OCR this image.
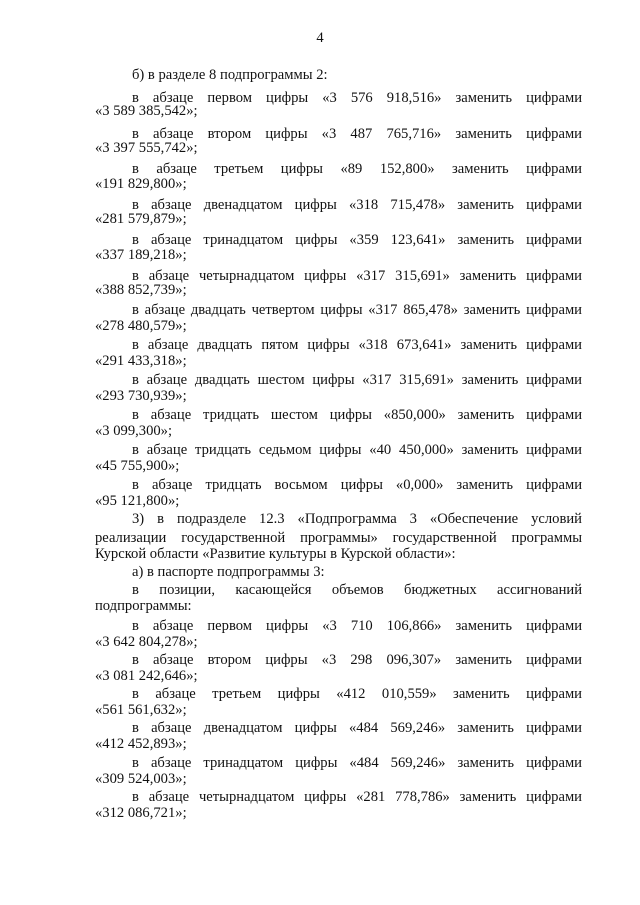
4
б) в разделе 8 подпрограммы 2:
в абзаце первом цифры «3 576 918,516» заменить цифрами
«3 589 385,542»;
в абзаце втором цифры «3 487 765,716» заменить цифрами
«3 397 555,742»;
в абзаце третьем цифры «89 152,800» заменить цифрами
«191 829,800»;
в абзаце двенадцатом цифры «318 715,478» заменить цифрами
«281 579,879»;
в абзаце тринадцатом цифры «359 123,641» заменить цифрами
«337 189,218»;
в абзаце четырнадцатом цифры «317 315,691» заменить цифрами
«388 852,739»;
в абзаце двадцать четвертом цифры «317 865,478» заменить цифрами
«278 480,579»;
в абзаце двадцать пятом цифры «318 673,641» заменить цифрами
«291 433,318»;
в абзаце двадцать шестом цифры «317 315,691» заменить цифрами
«293 730,939»;
в абзаце тридцать шестом цифры «850,000» заменить цифрами
«3 099,300»;
в абзаце тридцать седьмом цифры «40 450,000» заменить цифрами
«45 755,900»;
в абзаце тридцать восьмом цифры «0,000» заменить цифрами
«95 121,800»;
3) в подразделе 12.3 «Подпрограмма 3 «Обеспечение условий
реализации государственной программы» государственной программы
Курской области «Развитие культуры в Курской области»:
а) в паспорте подпрограммы 3:
в позиции, касающейся объемов бюджетных ассигнований
подпрограммы:
в абзаце первом цифры «3 710 106,866» заменить цифрами
«3 642 804,278»;
в абзаце втором цифры «3 298 096,307» заменить цифрами
«3 081 242,646»;
в абзаце третьем цифры «412 010,559» заменить цифрами
«561 561,632»;
в абзаце двенадцатом цифры «484 569,246» заменить цифрами
«412 452,893»;
в абзаце тринадцатом цифры «484 569,246» заменить цифрами
«309 524,003»;
в абзаце четырнадцатом цифры «281 778,786» заменить цифрами
«312 086,721»;
